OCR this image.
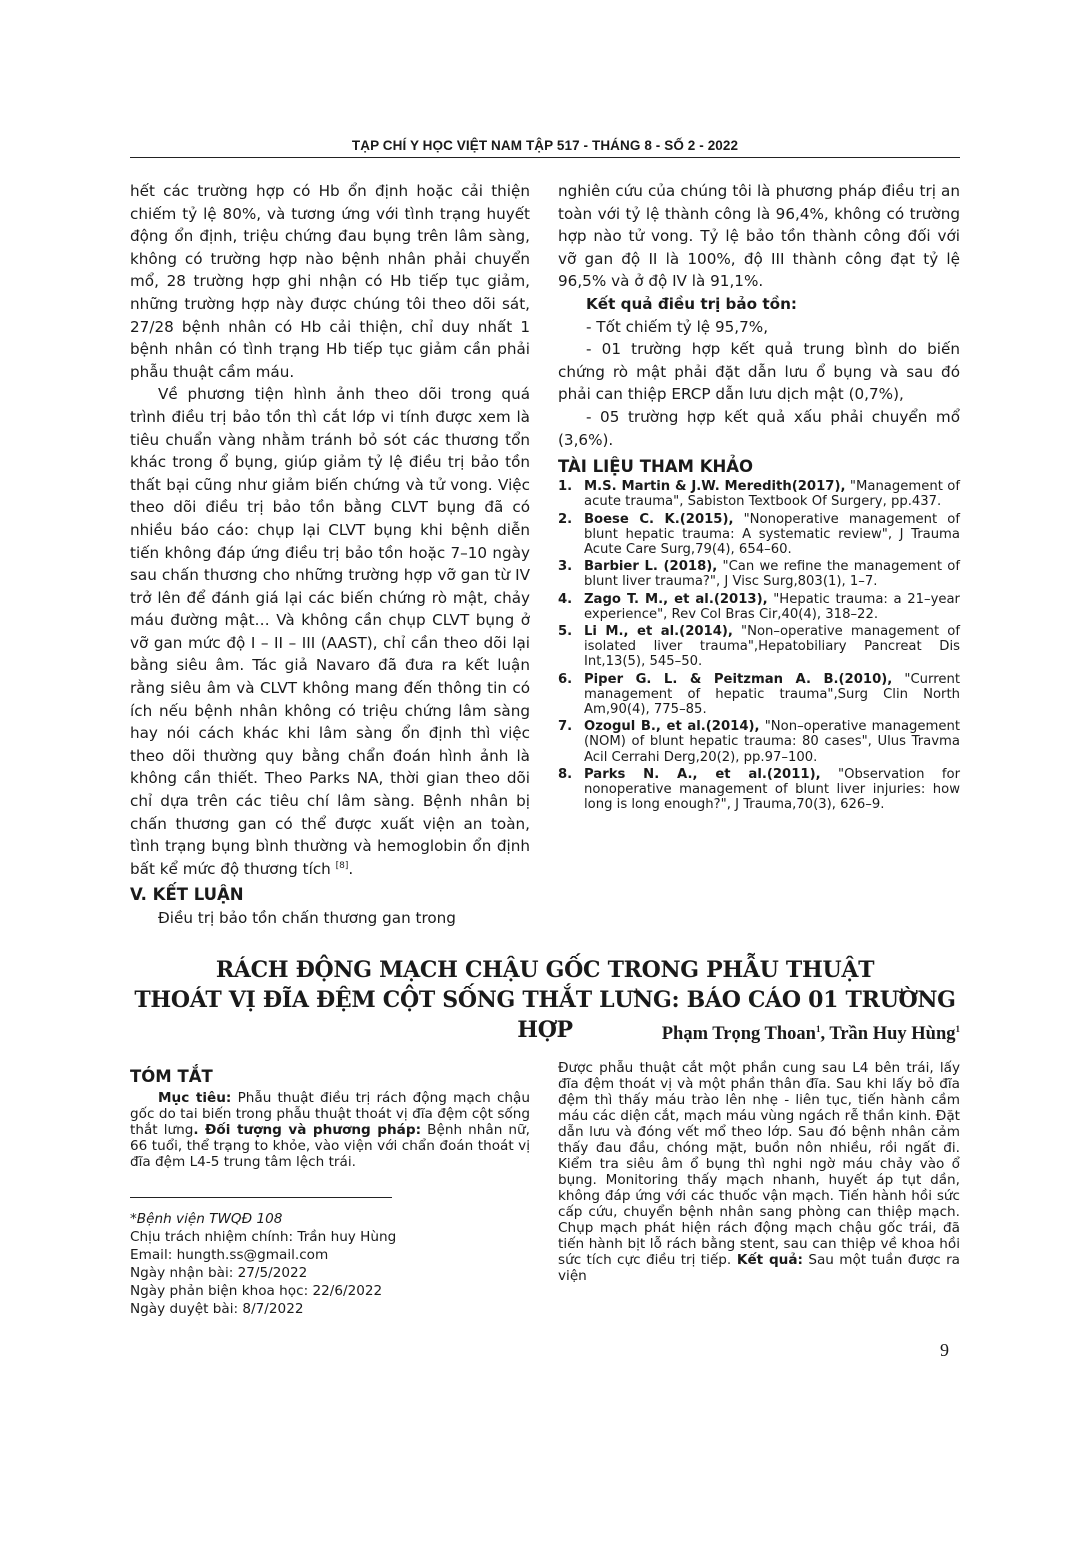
TẠP CHÍ Y HỌC VIỆT NAM TẬP 517 - THÁNG 8 - SỐ 2 - 2022

hết các trường hợp có Hb ổn định hoặc cải thiện chiếm tỷ lệ 80%, và tương ứng với tình trạng huyết động ổn định, triệu chứng đau bụng trên lâm sàng, không có trường hợp nào bệnh nhân phải chuyển mổ, 28 trường hợp ghi nhận có Hb tiếp tục giảm, những trường hợp này được chúng tôi theo dõi sát, 27/28 bệnh nhân có Hb cải thiện, chỉ duy nhất 1 bệnh nhân có tình trạng Hb tiếp tục giảm cần phải phẫu thuật cầm máu.

Về phương tiện hình ảnh theo dõi trong quá trình điều trị bảo tồn thì cắt lớp vi tính được xem là tiêu chuẩn vàng nhằm tránh bỏ sót các thương tổn khác trong ổ bụng, giúp giảm tỷ lệ điều trị bảo tồn thất bại cũng như giảm biến chứng và tử vong. Việc theo dõi điều trị bảo tồn bằng CLVT bụng đã có nhiều báo cáo: chụp lại CLVT bụng khi bệnh diễn tiến không đáp ứng điều trị bảo tồn hoặc 7–10 ngày sau chấn thương cho những trường hợp vỡ gan từ IV trở lên để đánh giá lại các biến chứng rò mật, chảy máu đường mật… Và không cần chụp CLVT bụng ở vỡ gan mức độ I – II – III (AAST), chỉ cần theo dõi lại bằng siêu âm. Tác giả Navaro đã đưa ra kết luận rằng siêu âm và CLVT không mang đến thông tin có ích nếu bệnh nhân không có triệu chứng lâm sàng hay nói cách khác khi lâm sàng ổn định thì việc theo dõi thường quy bằng chẩn đoán hình ảnh là không cần thiết. Theo Parks NA, thời gian theo dõi chỉ dựa trên các tiêu chí lâm sàng. Bệnh nhân bị chấn thương gan có thể được xuất viện an toàn, tình trạng bụng bình thường và hemoglobin ổn định bất kể mức độ thương tích [8].

V. KẾT LUẬN

Điều trị bảo tồn chấn thương gan trong

nghiên cứu của chúng tôi là phương pháp điều trị an toàn với tỷ lệ thành công là 96,4%, không có trường hợp nào tử vong. Tỷ lệ bảo tồn thành công đối với vỡ gan độ II là 100%, độ III thành công đạt tỷ lệ 96,5% và ở độ IV là 91,1%.

Kết quả điều trị bảo tồn:

- Tốt chiếm tỷ lệ 95,7%,

- 01 trường hợp kết quả trung bình do biến chứng rò mật phải đặt dẫn lưu ổ bụng và sau đó phải can thiệp ERCP dẫn lưu dịch mật (0,7%),

- 05 trường hợp kết quả xấu phải chuyển mổ (3,6%).

TÀI LIỆU THAM KHẢO

1. M.S. Martin & J.W. Meredith(2017), "Management of acute trauma", Sabiston Textbook Of Surgery, pp.437.
2. Boese C. K.(2015), "Nonoperative management of blunt hepatic trauma: A systematic review", J Trauma Acute Care Surg,79(4), 654–60.
3. Barbier L. (2018), "Can we refine the management of blunt liver trauma?", J Visc Surg,803(1), 1–7.
4. Zago T. M., et al.(2013), "Hepatic trauma: a 21–year experience", Rev Col Bras Cir,40(4), 318–22.
5. Li M., et al.(2014), "Non–operative management of isolated liver trauma",Hepatobiliary Pancreat Dis Int,13(5), 545–50.
6. Piper G. L. & Peitzman A. B.(2010), "Current management of hepatic trauma",Surg Clin North Am,90(4), 775–85.
7. Ozogul B., et al.(2014), "Non–operative management (NOM) of blunt hepatic trauma: 80 cases", Ulus Travma Acil Cerrahi Derg,20(2), pp.97–100.
8. Parks N. A., et al.(2011), "Observation for nonoperative management of blunt liver injuries: how long is long enough?", J Trauma,70(3), 626–9.
RÁCH ĐỘNG MẠCH CHẬU GỐC TRONG PHẪU THUẬT
THOÁT VỊ ĐĨA ĐỆM CỘT SỐNG THẮT LƯNG: BÁO CÁO 01 TRƯỜNG HỢP	Phạm Trọng Thoan$^1$, Trần Huy Hùng$^1$
TÓM TẮT

Mục tiêu: Phẫu thuật điều trị rách động mạch chậu gốc do tai biến trong phẫu thuật thoát vị đĩa đệm cột sống thắt lưng. Đối tượng và phương pháp: Bệnh nhân nữ, 66 tuổi, thể trạng to khỏe, vào viện với chẩn đoán thoát vị đĩa đệm L4-5 trung tâm lệch trái.

*Bệnh viện TWQĐ 108

Chịu trách nhiệm chính: Trần huy Hùng

Email: hungth.ss@gmail.com

Ngày nhận bài: 27/5/2022

Ngày phản biện khoa học: 22/6/2022

Ngày duyệt bài: 8/7/2022

Được phẫu thuật cắt một phần cung sau L4 bên trái, lấy đĩa đệm thoát vị và một phần thân đĩa. Sau khi lấy bỏ đĩa đệm thì thấy máu trào lên nhẹ - liên tục, tiến hành cầm máu các diện cắt, mạch máu vùng ngách rễ thần kinh. Đặt dẫn lưu và đóng vết mổ theo lớp. Sau đó bệnh nhân cảm thấy đau đầu, chóng mặt, buồn nôn nhiều, rồi ngất đi. Kiểm tra siêu âm ổ bụng thì nghi ngờ máu chảy vào ổ bụng. Monitoring thấy mạch nhanh, huyết áp tụt dần, không đáp ứng với các thuốc vận mạch. Tiến hành hồi sức cấp cứu, chuyển bệnh nhân sang phòng can thiệp mạch. Chụp mạch phát hiện rách động mạch chậu gốc trái, đã tiến hành bịt lỗ rách bằng stent, sau can thiệp về khoa hồi sức tích cực điều trị tiếp. Kết quả: Sau một tuần được ra viện

9
